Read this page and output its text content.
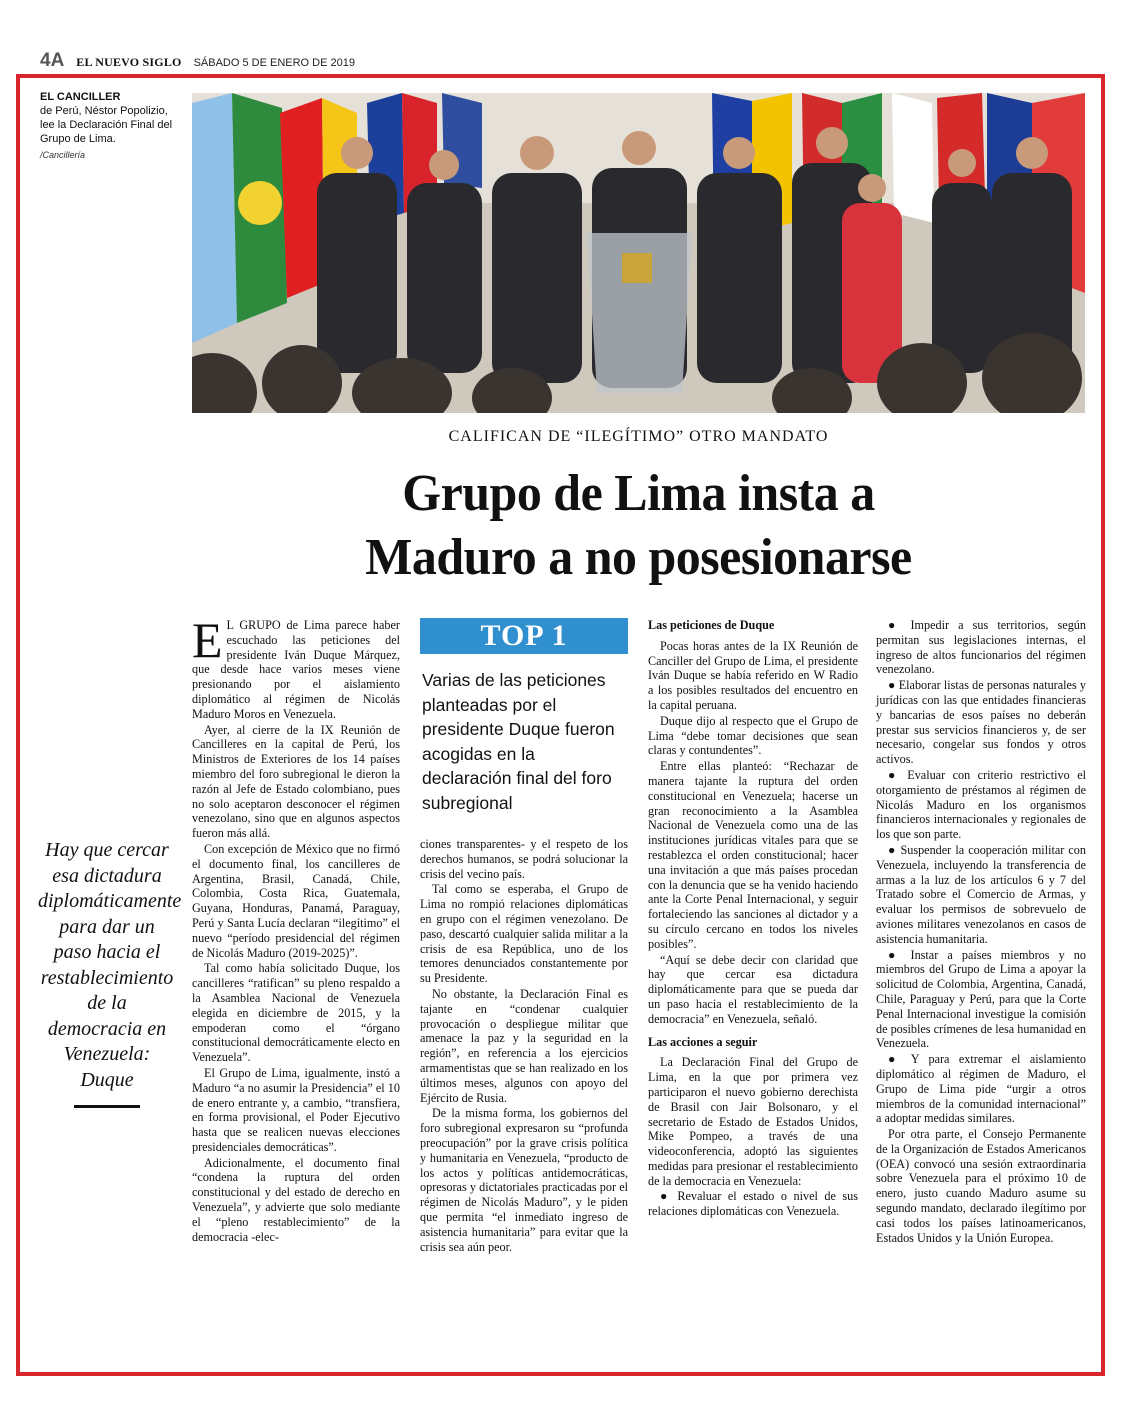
4A EL NUEVO SIGLO SÁBADO 5 DE ENERO DE 2019
EL CANCILLER
de Perú, Néstor Popolizio, lee la Declaración Final del Grupo de Lima.
/Cancillería
CALIFICAN DE “ILEGÍTIMO” OTRO MANDATO
Grupo de Lima insta a
Maduro a no posesionarse
Hay que cercar esa dictadura diplomáticamente para dar un paso hacia el restablecimiento de la democracia en Venezuela: Duque

E L GRUPO de Lima parece haber escuchado las peticiones del presidente Iván Duque Márquez, que desde hace varios meses viene presionando por el aislamiento diplomático al régimen de Nicolás Maduro Moros en Venezuela.

Ayer, al cierre de la IX Reunión de Cancilleres en la capital de Perú, los Ministros de Exteriores de los 14 países miembro del foro subregional le dieron la razón al Jefe de Estado colombiano, pues no solo aceptaron desconocer el régimen venezolano, sino que en algunos aspectos fueron más allá.

Con excepción de México que no firmó el documento final, los cancilleres de Argentina, Brasil, Canadá, Chile, Colombia, Costa Rica, Guatemala, Guyana, Honduras, Panamá, Paraguay, Perú y Santa Lucía declaran “ilegítimo” el nuevo “período presidencial del régimen de Nicolás Maduro (2019-2025)”.

Tal como había solicitado Duque, los cancilleres “ratifican” su pleno respaldo a la Asamblea Nacional de Venezuela elegida en diciembre de 2015, y la empoderan como el “órgano constitucional democráticamente electo en Venezuela”.

El Grupo de Lima, igualmente, instó a Maduro “a no asumir la Presidencia” el 10 de enero entrante y, a cambio, “transfiera, en forma provisional, el Poder Ejecutivo hasta que se realicen nuevas elecciones presidenciales democráticas”.

Adicionalmente, el documento final “condena la ruptura del orden constitucional y del estado de derecho en Venezuela”, y advierte que solo mediante el “pleno restablecimiento” de la democracia -elec-

TOP 1
Varias de las peticiones planteadas por el presidente Duque fueron acogidas en la declaración final del foro subregional

ciones transparentes- y el respeto de los derechos humanos, se podrá solucionar la crisis del vecino país.

Tal como se esperaba, el Grupo de Lima no rompió relaciones diplomáticas en grupo con el régimen venezolano. De paso, descartó cualquier salida militar a la crisis de esa República, uno de los temores denunciados constantemente por su Presidente.

No obstante, la Declaración Final es tajante en “condenar cualquier provocación o despliegue militar que amenace la paz y la seguridad en la región”, en referencia a los ejercicios armamentistas que se han realizado en los últimos meses, algunos con apoyo del Ejército de Rusia.

De la misma forma, los gobiernos del foro subregional expresaron su “profunda preocupación” por la grave crisis política y humanitaria en Venezuela, “producto de los actos y políticas antidemocráticas, opresoras y dictatoriales practicadas por el régimen de Nicolás Maduro”, y le piden que permita “el inmediato ingreso de asistencia humanitaria” para evitar que la crisis sea aún peor.

Las peticiones de Duque

Pocas horas antes de la IX Reunión de Canciller del Grupo de Lima, el presidente Iván Duque se había referido en W Radio a los posibles resultados del encuentro en la capital peruana.

Duque dijo al respecto que el Grupo de Lima “debe tomar decisiones que sean claras y contundentes”.

Entre ellas planteó: “Rechazar de manera tajante la ruptura del orden constitucional en Venezuela; hacerse un gran reconocimiento a la Asamblea Nacional de Venezuela como una de las instituciones jurídicas vitales para que se restablezca el orden constitucional; hacer una invitación a que más países procedan con la denuncia que se ha venido haciendo ante la Corte Penal Internacional, y seguir fortaleciendo las sanciones al dictador y a su círculo cercano en todos los niveles posibles”.

“Aquí se debe decir con claridad que hay que cercar esa dictadura diplomáticamente para que se pueda dar un paso hacia el restablecimiento de la democracia” en Venezuela, señaló.

Las acciones a seguir

La Declaración Final del Grupo de Lima, en la que por primera vez participaron el nuevo gobierno derechista de Brasil con Jair Bolsonaro, y el secretario de Estado de Estados Unidos, Mike Pompeo, a través de una videoconferencia, adoptó las siguientes medidas para presionar el restablecimiento de la democracia en Venezuela:

● Revaluar el estado o nivel de sus relaciones diplomáticas con Venezuela.

● Impedir a sus territorios, según permitan sus legislaciones internas, el ingreso de altos funcionarios del régimen venezolano.

● Elaborar listas de personas naturales y jurídicas con las que entidades financieras y bancarias de esos países no deberán prestar sus servicios financieros y, de ser necesario, congelar sus fondos y otros activos.

● Evaluar con criterio restrictivo el otorgamiento de préstamos al régimen de Nicolás Maduro en los organismos financieros internacionales y regionales de los que son parte.

● Suspender la cooperación militar con Venezuela, incluyendo la transferencia de armas a la luz de los artículos 6 y 7 del Tratado sobre el Comercio de Armas, y evaluar los permisos de sobrevuelo de aviones militares venezolanos en casos de asistencia humanitaria.

● Instar a países miembros y no miembros del Grupo de Lima a apoyar la solicitud de Colombia, Argentina, Canadá, Chile, Paraguay y Perú, para que la Corte Penal Internacional investigue la comisión de posibles crímenes de lesa humanidad en Venezuela.

● Y para extremar el aislamiento diplomático al régimen de Maduro, el Grupo de Lima pide “urgir a otros miembros de la comunidad internacional” a adoptar medidas similares.

Por otra parte, el Consejo Permanente de la Organización de Estados Americanos (OEA) convocó una sesión extraordinaria sobre Venezuela para el próximo 10 de enero, justo cuando Maduro asume su segundo mandato, declarado ilegítimo por casi todos los países latinoamericanos, Estados Unidos y la Unión Europea.
